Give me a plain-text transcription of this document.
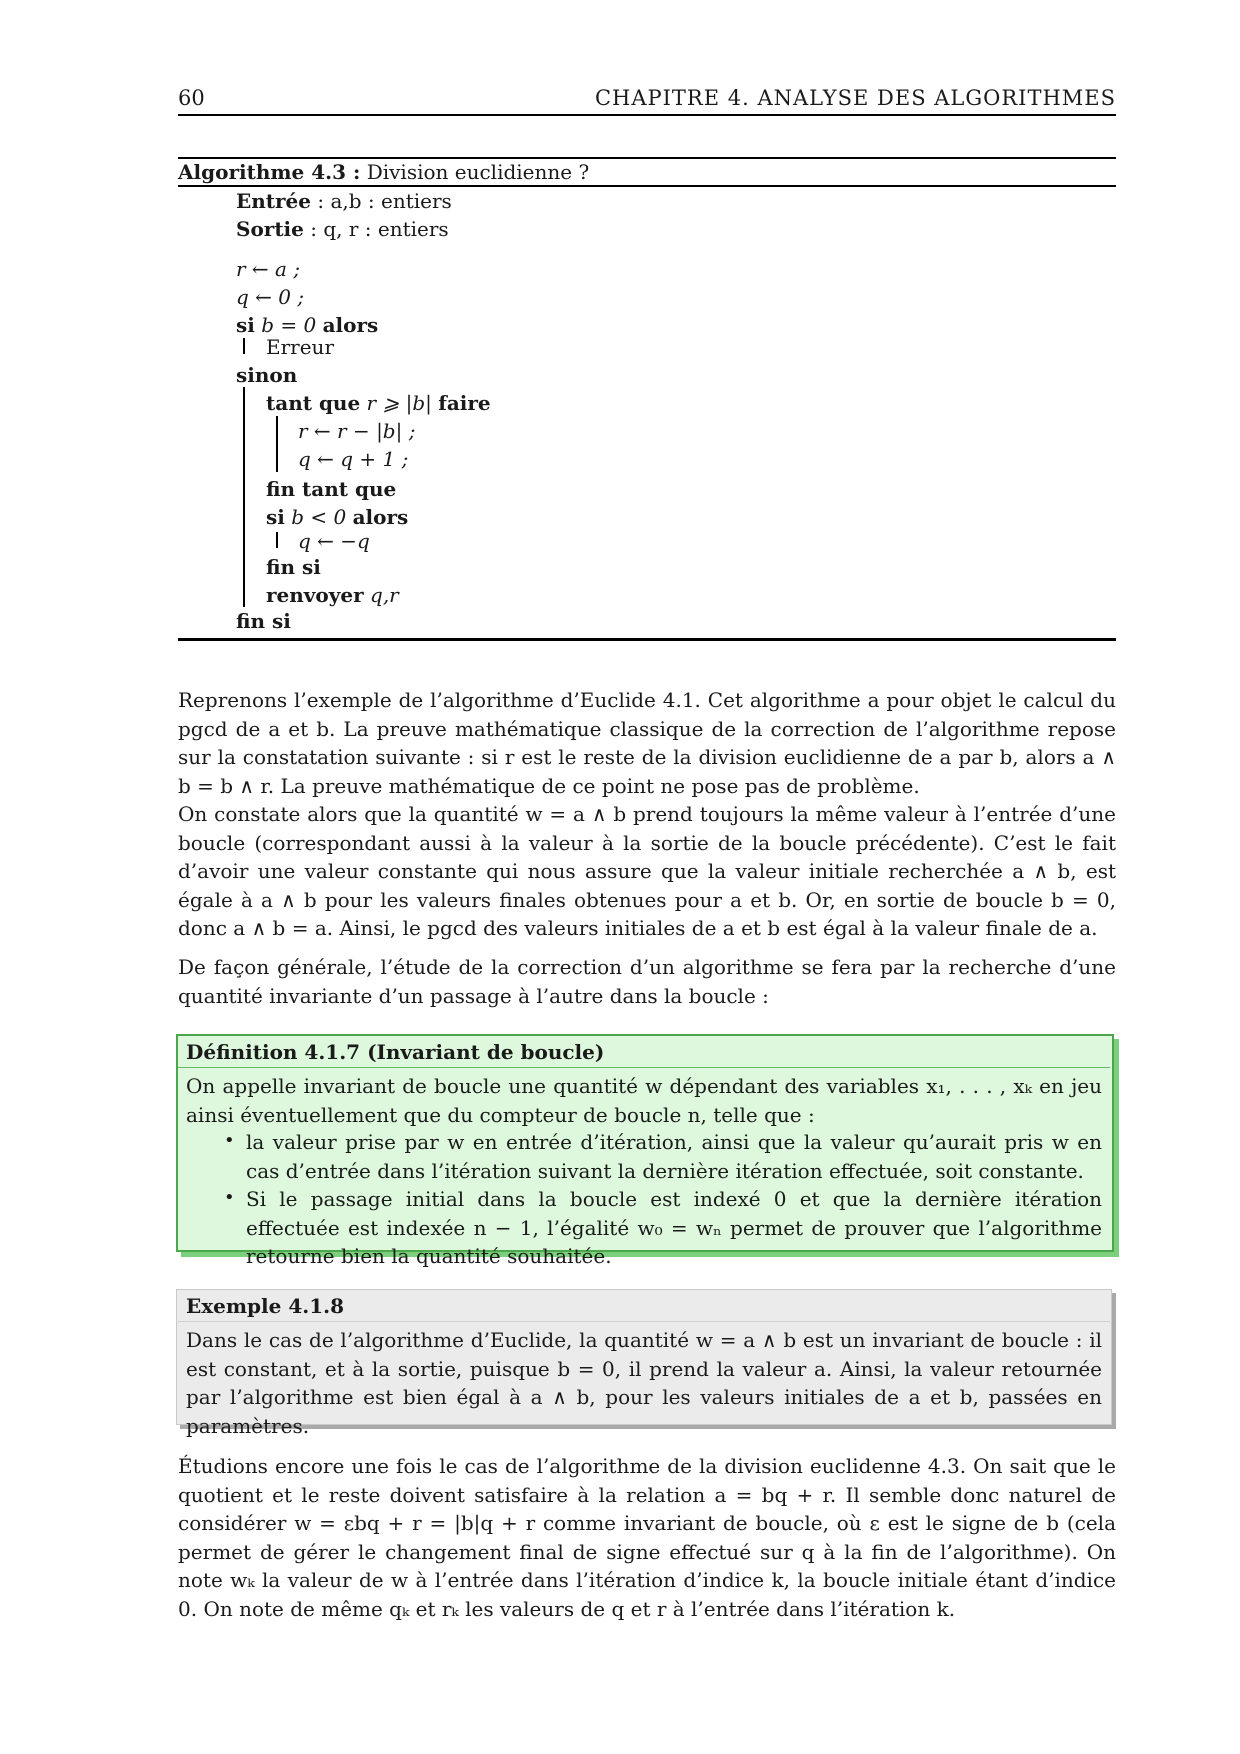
60	CHAPITRE 4. ANALYSE DES ALGORITHMES
Algorithme 4.3 : Division euclidienne ?
Entrée : a,b : entiers
Sortie : q, r : entiers
r ← a ;
q ← 0 ;
si b = 0 alors
Erreur
sinon
tant que r ⩾ |b| faire
r ← r − |b| ;
q ← q + 1 ;
fin tant que
si b < 0 alors
q ← −q
fin si
renvoyer q,r
fin si
Reprenons l’exemple de l’algorithme d’Euclide 4.1. Cet algorithme a pour objet le calcul du pgcd de a et b. La preuve mathématique classique de la correction de l’algorithme repose sur la constatation suivante : si r est le reste de la division euclidienne de a par b, alors a ∧ b = b ∧ r. La preuve mathématique de ce point ne pose pas de problème.
On constate alors que la quantité w = a ∧ b prend toujours la même valeur à l’entrée d’une boucle (correspondant aussi à la valeur à la sortie de la boucle précédente). C’est le fait d’avoir une valeur constante qui nous assure que la valeur initiale recherchée a ∧ b, est égale à a ∧ b pour les valeurs finales obtenues pour a et b. Or, en sortie de boucle b = 0, donc a ∧ b = a. Ainsi, le pgcd des valeurs initiales de a et b est égal à la valeur finale de a.
De façon générale, l’étude de la correction d’un algorithme se fera par la recherche d’une quantité invariante d’un passage à l’autre dans la boucle :
Définition 4.1.7 (Invariant de boucle)
On appelle invariant de boucle une quantité w dépendant des variables x₁, . . . , xₖ en jeu ainsi éventuellement que du compteur de boucle n, telle que :
• la valeur prise par w en entrée d’itération, ainsi que la valeur qu’aurait pris w en cas d’entrée dans l’itération suivant la dernière itération effectuée, soit constante.
• Si le passage initial dans la boucle est indexé 0 et que la dernière itération effectuée est indexée n − 1, l’égalité w₀ = wₙ permet de prouver que l’algorithme retourne bien la quantité souhaitée.
Exemple 4.1.8
Dans le cas de l’algorithme d’Euclide, la quantité w = a ∧ b est un invariant de boucle : il est constant, et à la sortie, puisque b = 0, il prend la valeur a. Ainsi, la valeur retournée par l’algorithme est bien égal à a ∧ b, pour les valeurs initiales de a et b, passées en paramètres.
Étudions encore une fois le cas de l’algorithme de la division euclidenne 4.3. On sait que le quotient et le reste doivent satisfaire à la relation a = bq + r. Il semble donc naturel de considérer w = εbq + r = |b|q + r comme invariant de boucle, où ε est le signe de b (cela permet de gérer le changement final de signe effectué sur q à la fin de l’algorithme). On note wₖ la valeur de w à l’entrée dans l’itération d’indice k, la boucle initiale étant d’indice 0. On note de même qₖ et rₖ les valeurs de q et r à l’entrée dans l’itération k.
